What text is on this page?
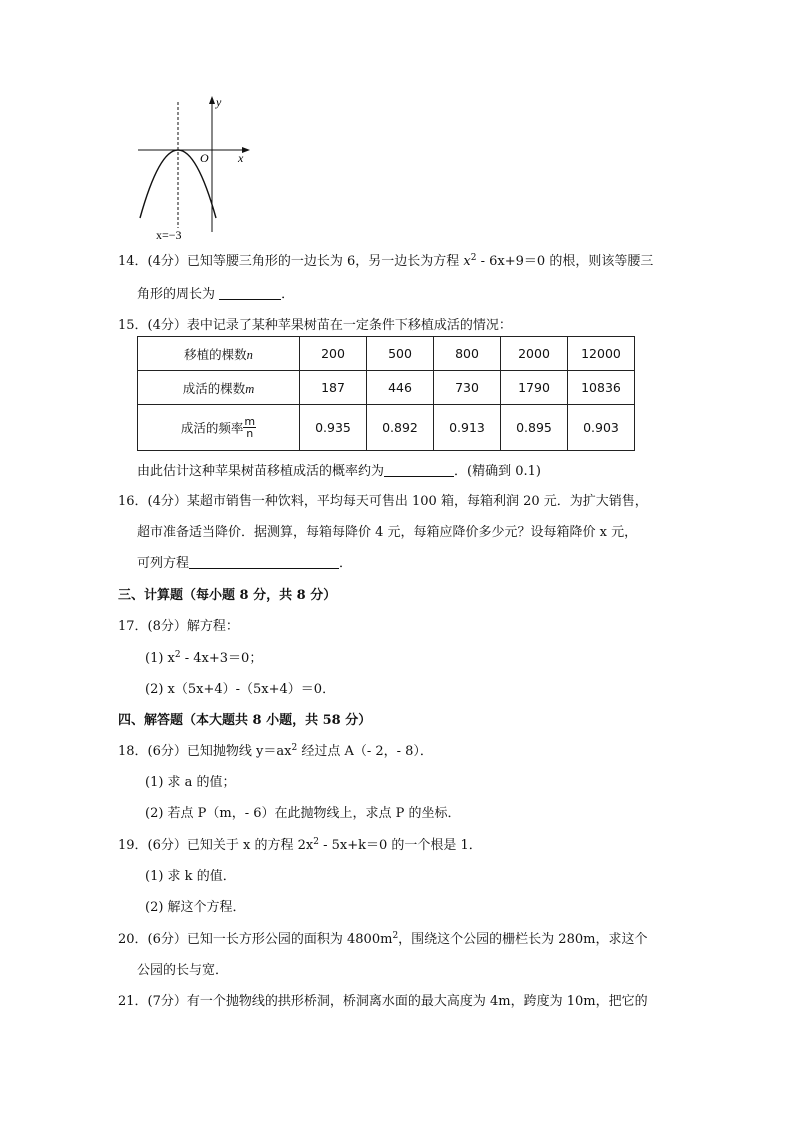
y
O x
x=−3
14．(4分）已知等腰三角形的一边长为 6，另一边长为方程 $x^2 - 6x+9=0$ 的根，则该等腰三
角形的周长为	．
15．(4分）表中记录了某种苹果树苗在一定条件下移植成活的情况：
移植的棵数n	200	500	800	2000	12000
成活的棵数m	187	446	730	1790	10836
成活的频率 $\frac{m}{n}$	0.935	0.892	0.913	0.895	0.903
由此估计这种苹果树苗移植成活的概率约为	．(精确到 0.1)
16．(4分）某超市销售一种饮料，平均每天可售出 100 箱，每箱利润 20 元．为扩大销售，
超市准备适当降价．据测算，每箱每降价 4 元，每箱应降价多少元？设每箱降价 x 元，
可列方程	．
三、计算题（每小题 8 分，共 8 分）
17．(8分）解方程：
(1) $x^2 - 4x+3=0$；
(2) x（5x+4）-（5x+4）＝0．
四、解答题（本大题共 8 小题，共 58 分）
18．(6分）已知抛物线 $y=ax^2$ 经过点 A（- 2，- 8）．
(1) 求 a 的值；
(2) 若点 P（m，- 6）在此抛物线上，求点 P 的坐标．
19．(6分）已知关于 x 的方程 $2x^2 - 5x+k=0$ 的一个根是 1．
(1) 求 k 的值．
(2) 解这个方程．
20．(6分）已知一长方形公园的面积为 $4800m^2$，围绕这个公园的栅栏长为 280m，求这个
公园的长与宽．
21．(7分）有一个抛物线的拱形桥洞，桥洞离水面的最大高度为 4m，跨度为 10m，把它的
